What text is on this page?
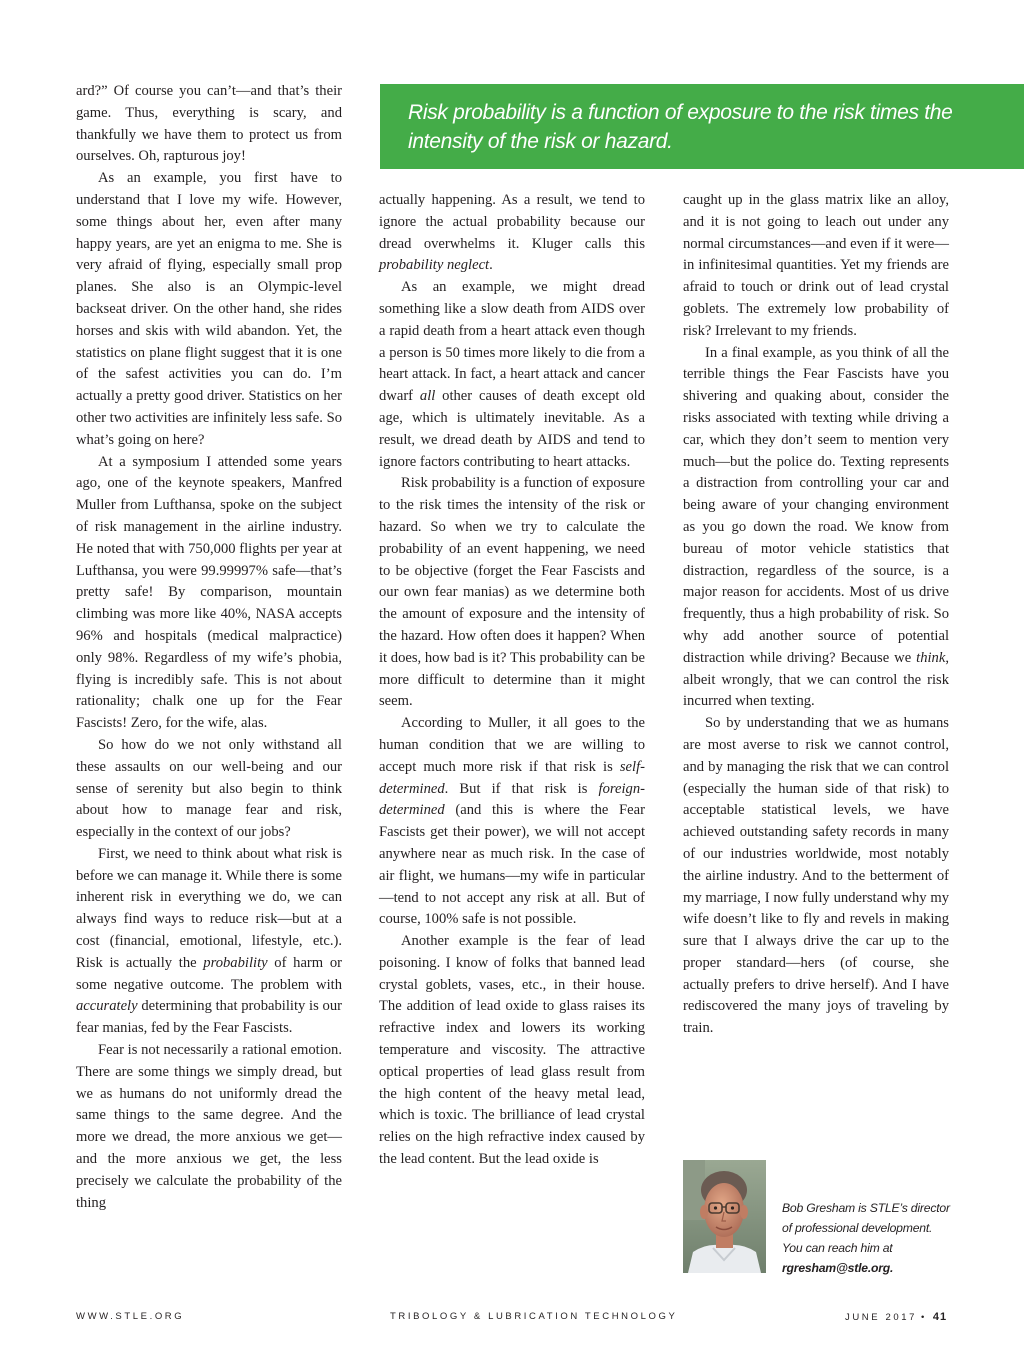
ard?” Of course you can’t—and that’s their game. Thus, everything is scary, and thankfully we have them to protect us from ourselves. Oh, rapturous joy!

As an example, you first have to understand that I love my wife. However, some things about her, even after many happy years, are yet an enigma to me. She is very afraid of flying, especially small prop planes. She also is an Olympic-level backseat driver. On the other hand, she rides horses and skis with wild abandon. Yet, the statistics on plane flight suggest that it is one of the safest activities you can do. I’m actually a pretty good driver. Statistics on her other two activities are infinitely less safe. So what’s going on here?

At a symposium I attended some years ago, one of the keynote speakers, Manfred Muller from Lufthansa, spoke on the subject of risk management in the airline industry. He noted that with 750,000 flights per year at Lufthansa, you were 99.99997% safe—that’s pretty safe! By comparison, mountain climbing was more like 40%, NASA accepts 96% and hospitals (medical malpractice) only 98%. Regardless of my wife’s phobia, flying is incredibly safe. This is not about rationality; chalk one up for the Fear Fascists! Zero, for the wife, alas.

So how do we not only withstand all these assaults on our well-being and our sense of serenity but also begin to think about how to manage fear and risk, especially in the context of our jobs?

First, we need to think about what risk is before we can manage it. While there is some inherent risk in everything we do, we can always find ways to reduce risk—but at a cost (financial, emotional, lifestyle, etc.). Risk is actually the probability of harm or some negative outcome. The problem with accurately determining that probability is our fear manias, fed by the Fear Fascists.

Fear is not necessarily a rational emotion. There are some things we simply dread, but we as humans do not uniformly dread the same things to the same degree. And the more we dread, the more anxious we get—and the more anxious we get, the less precisely we calculate the probability of the thing

Risk probability is a function of exposure to the risk times the intensity of the risk or hazard.

actually happening. As a result, we tend to ignore the actual probability because our dread overwhelms it. Kluger calls this probability neglect.

As an example, we might dread something like a slow death from AIDS over a rapid death from a heart attack even though a person is 50 times more likely to die from a heart attack. In fact, a heart attack and cancer dwarf all other causes of death except old age, which is ultimately inevitable. As a result, we dread death by AIDS and tend to ignore factors contributing to heart attacks.

Risk probability is a function of exposure to the risk times the intensity of the risk or hazard. So when we try to calculate the probability of an event happening, we need to be objective (forget the Fear Fascists and our own fear manias) as we determine both the amount of exposure and the intensity of the hazard. How often does it happen? When it does, how bad is it? This probability can be more difficult to determine than it might seem.

According to Muller, it all goes to the human condition that we are willing to accept much more risk if that risk is self-determined. But if that risk is foreign-determined (and this is where the Fear Fascists get their power), we will not accept anywhere near as much risk. In the case of air flight, we humans—my wife in particular—tend to not accept any risk at all. But of course, 100% safe is not possible.

Another example is the fear of lead poisoning. I know of folks that banned lead crystal goblets, vases, etc., in their house. The addition of lead oxide to glass raises its refractive index and lowers its working temperature and viscosity. The attractive optical properties of lead glass result from the high content of the heavy metal lead, which is toxic. The brilliance of lead crystal relies on the high refractive index caused by the lead content. But the lead oxide is

caught up in the glass matrix like an alloy, and it is not going to leach out under any normal circumstances—and even if it were—in infinitesimal quantities. Yet my friends are afraid to touch or drink out of lead crystal goblets. The extremely low probability of risk? Irrelevant to my friends.

In a final example, as you think of all the terrible things the Fear Fascists have you shivering and quaking about, consider the risks associated with texting while driving a car, which they don’t seem to mention very much—but the police do. Texting represents a distraction from controlling your car and being aware of your changing environment as you go down the road. We know from bureau of motor vehicle statistics that distraction, regardless of the source, is a major reason for accidents. Most of us drive frequently, thus a high probability of risk. So why add another source of potential distraction while driving? Because we think, albeit wrongly, that we can control the risk incurred when texting.

So by understanding that we as humans are most averse to risk we cannot control, and by managing the risk that we can control (especially the human side of that risk) to acceptable statistical levels, we have achieved outstanding safety records in many of our industries worldwide, most notably the airline industry. And to the betterment of my marriage, I now fully understand why my wife doesn’t like to fly and revels in making sure that I always drive the car up to the proper standard—hers (of course, she actually prefers to drive herself). And I have rediscovered the many joys of traveling by train.

Bob Gresham is STLE’s director
of professional development.
You can reach him at
rgresham@stle.org.
WWW.STLE.ORG	TRIBOLOGY & LUBRICATION TECHNOLOGY	JUNE 2017 • 41
